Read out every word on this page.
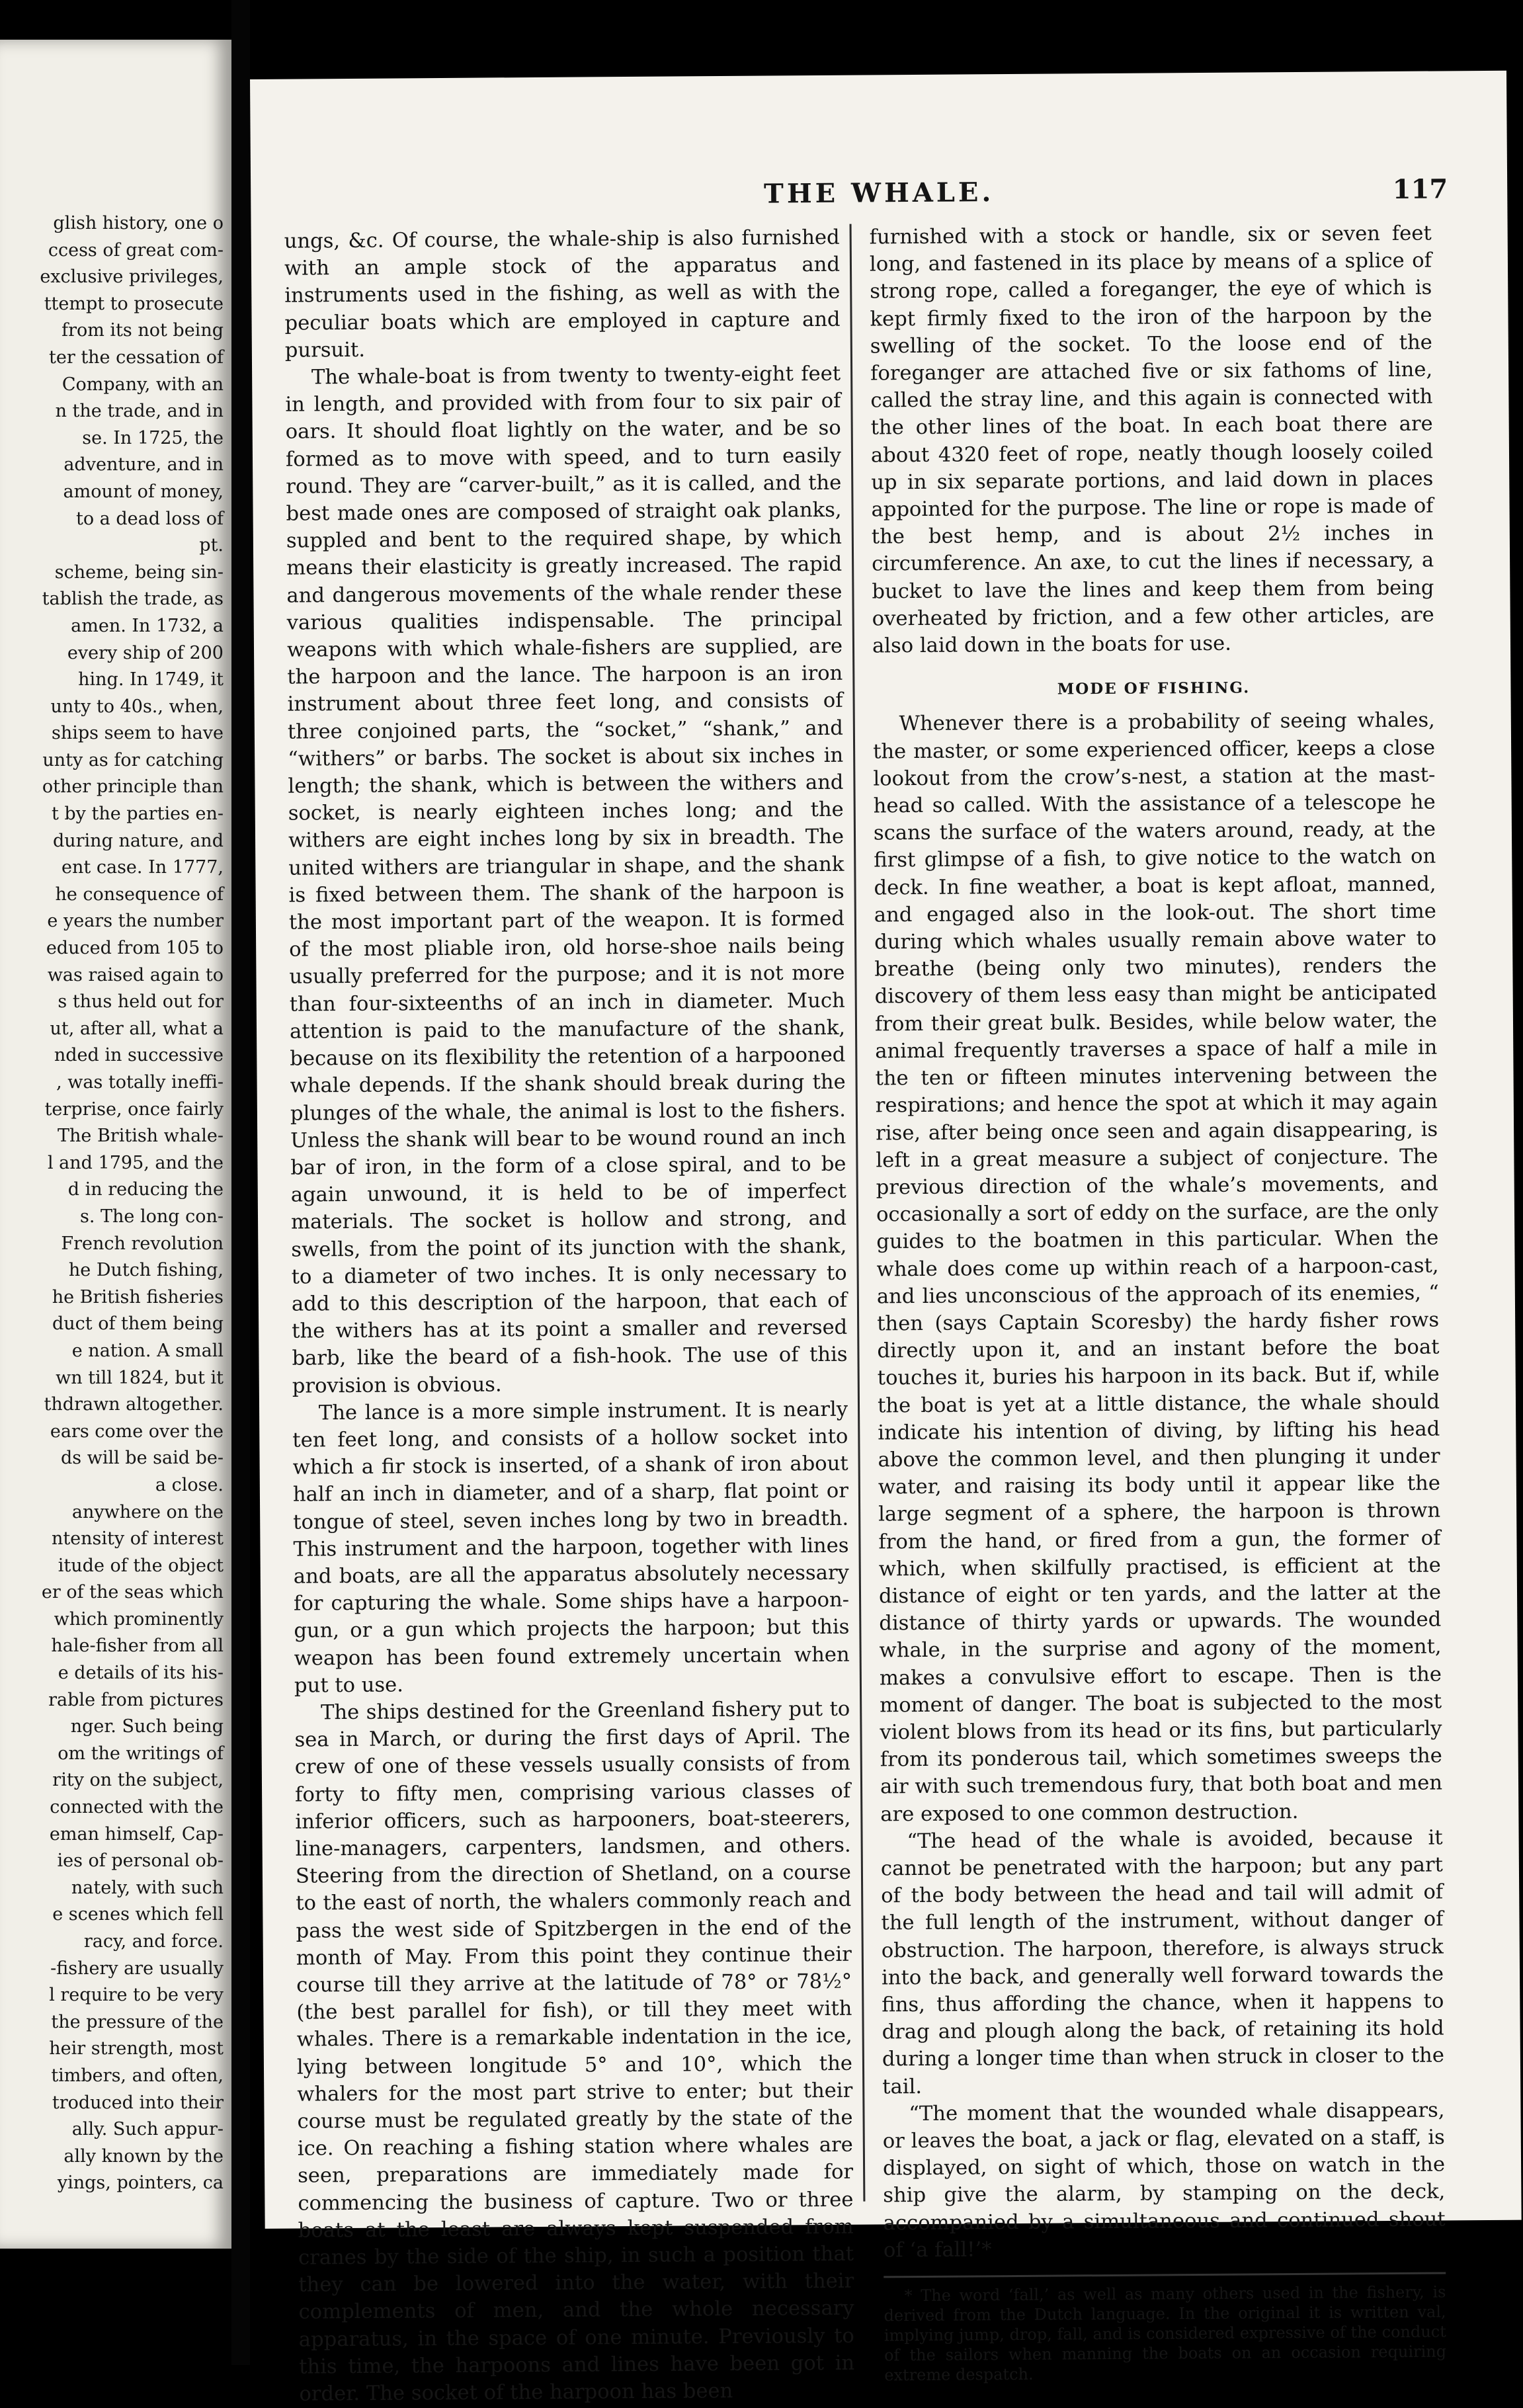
glish history, one o
ccess of great com-
exclusive privileges,
ttempt to prosecute
from its not being
ter the cessation of
Company, with an
n the trade, and in
se. In 1725, the
adventure, and in
amount of money,
to a dead loss of
pt.
scheme, being sin-
tablish the trade, as
amen. In 1732, a
every ship of 200
hing. In 1749, it
unty to 40s., when,
ships seem to have
unty as for catching
other principle than
t by the parties en-
during nature, and
ent case. In 1777,
he consequence of
e years the number
educed from 105 to
was raised again to
s thus held out for
ut, after all, what a
nded in successive
, was totally ineffi-
terprise, once fairly
The British whale-
l and 1795, and the
d in reducing the
s. The long con-
French revolution
he Dutch fishing,
he British fisheries
duct of them being
e nation. A small
wn till 1824, but it
thdrawn altogether.
ears come over the
ds will be said be-
a close.
anywhere on the
ntensity of interest
itude of the object
er of the seas which
which prominently
hale-fisher from all
e details of its his-
rable from pictures
nger. Such being
om the writings of
rity on the subject,
connected with the
eman himself, Cap-
ies of personal ob-
nately, with such
e scenes which fell
racy, and force.
-fishery are usually
l require to be very
the pressure of the
heir strength, most
timbers, and often,
troduced into their
ally. Such appur-
ally known by the
yings, pointers, ca
THE WHALE.	117

ungs, &c. Of course, the whale-ship is also furnished with an ample stock of the apparatus and instruments used in the fishing, as well as with the peculiar boats which are employed in capture and pursuit.

The whale-boat is from twenty to twenty-eight feet in length, and provided with from four to six pair of oars. It should float lightly on the water, and be so formed as to move with speed, and to turn easily round. They are “carver-built,” as it is called, and the best made ones are composed of straight oak planks, suppled and bent to the required shape, by which means their elasticity is greatly increased. The rapid and dangerous movements of the whale render these various qualities indispensable. The principal weapons with which whale-fishers are supplied, are the harpoon and the lance. The harpoon is an iron instrument about three feet long, and consists of three conjoined parts, the “socket,” “shank,” and “withers” or barbs. The socket is about six inches in length; the shank, which is between the withers and socket, is nearly eighteen inches long; and the withers are eight inches long by six in breadth. The united withers are triangular in shape, and the shank is fixed between them. The shank of the harpoon is the most important part of the weapon. It is formed of the most pliable iron, old horse-shoe nails being usually preferred for the purpose; and it is not more than four-sixteenths of an inch in diameter. Much attention is paid to the manufacture of the shank, because on its flexibility the retention of a harpooned whale depends. If the shank should break during the plunges of the whale, the animal is lost to the fishers. Unless the shank will bear to be wound round an inch bar of iron, in the form of a close spiral, and to be again unwound, it is held to be of imperfect materials. The socket is hollow and strong, and swells, from the point of its junction with the shank, to a diameter of two inches. It is only necessary to add to this description of the harpoon, that each of the withers has at its point a smaller and reversed barb, like the beard of a fish-hook. The use of this provision is obvious.

The lance is a more simple instrument. It is nearly ten feet long, and consists of a hollow socket into which a fir stock is inserted, of a shank of iron about half an inch in diameter, and of a sharp, flat point or tongue of steel, seven inches long by two in breadth. This instrument and the harpoon, together with lines and boats, are all the apparatus absolutely necessary for capturing the whale. Some ships have a harpoon-gun, or a gun which projects the harpoon; but this weapon has been found extremely uncertain when put to use.

The ships destined for the Greenland fishery put to sea in March, or during the first days of April. The crew of one of these vessels usually consists of from forty to fifty men, comprising various classes of inferior officers, such as harpooners, boat-steerers, line-managers, carpenters, landsmen, and others. Steering from the direction of Shetland, on a course to the east of north, the whalers commonly reach and pass the west side of Spitzbergen in the end of the month of May. From this point they continue their course till they arrive at the latitude of 78° or 78½° (the best parallel for fish), or till they meet with whales. There is a remarkable indentation in the ice, lying between longitude 5° and 10°, which the whalers for the most part strive to enter; but their course must be regulated greatly by the state of the ice. On reaching a fishing station where whales are seen, preparations are immediately made for commencing the business of capture. Two or three boats at the least are always kept suspended from cranes by the side of the ship, in such a position that they can be lowered into the water, with their complements of men, and the whole necessary apparatus, in the space of one minute. Previously to this time, the harpoons and lines have been got in order. The socket of the harpoon has been

furnished with a stock or handle, six or seven feet long, and fastened in its place by means of a splice of strong rope, called a foreganger, the eye of which is kept firmly fixed to the iron of the harpoon by the swelling of the socket. To the loose end of the foreganger are attached five or six fathoms of line, called the stray line, and this again is connected with the other lines of the boat. In each boat there are about 4320 feet of rope, neatly though loosely coiled up in six separate portions, and laid down in places appointed for the purpose. The line or rope is made of the best hemp, and is about 2½ inches in circumference. An axe, to cut the lines if necessary, a bucket to lave the lines and keep them from being overheated by friction, and a few other articles, are also laid down in the boats for use.

MODE OF FISHING.

Whenever there is a probability of seeing whales, the master, or some experienced officer, keeps a close lookout from the crow’s-nest, a station at the mast-head so called. With the assistance of a telescope he scans the surface of the waters around, ready, at the first glimpse of a fish, to give notice to the watch on deck. In fine weather, a boat is kept afloat, manned, and engaged also in the look-out. The short time during which whales usually remain above water to breathe (being only two minutes), renders the discovery of them less easy than might be anticipated from their great bulk. Besides, while below water, the animal frequently traverses a space of half a mile in the ten or fifteen minutes intervening between the respirations; and hence the spot at which it may again rise, after being once seen and again disappearing, is left in a great measure a subject of conjecture. The previous direction of the whale’s movements, and occasionally a sort of eddy on the surface, are the only guides to the boatmen in this particular. When the whale does come up within reach of a harpoon-cast, and lies unconscious of the approach of its enemies, “ then (says Captain Scoresby) the hardy fisher rows directly upon it, and an instant before the boat touches it, buries his harpoon in its back. But if, while the boat is yet at a little distance, the whale should indicate his intention of diving, by lifting his head above the common level, and then plunging it under water, and raising its body until it appear like the large segment of a sphere, the harpoon is thrown from the hand, or fired from a gun, the former of which, when skilfully practised, is efficient at the distance of eight or ten yards, and the latter at the distance of thirty yards or upwards. The wounded whale, in the surprise and agony of the moment, makes a convulsive effort to escape. Then is the moment of danger. The boat is subjected to the most violent blows from its head or its fins, but particularly from its ponderous tail, which sometimes sweeps the air with such tremendous fury, that both boat and men are exposed to one common destruction.

“The head of the whale is avoided, because it cannot be penetrated with the harpoon; but any part of the body between the head and tail will admit of the full length of the instrument, without danger of obstruction. The harpoon, therefore, is always struck into the back, and generally well forward towards the fins, thus affording the chance, when it happens to drag and plough along the back, of retaining its hold during a longer time than when struck in closer to the tail.

“The moment that the wounded whale disappears, or leaves the boat, a jack or flag, elevated on a staff, is displayed, on sight of which, those on watch in the ship give the alarm, by stamping on the deck, accompanied by a simultaneous and continued shout of ‘a fall!’*

* The word ‘fall,’ as well as many others used in the fishery, is derived from the Dutch language. In the original it is written val, implying jump, drop, fall, and is considered expressive of the conduct of the sailors when manning the boats on an occasion requiring extreme despatch.
